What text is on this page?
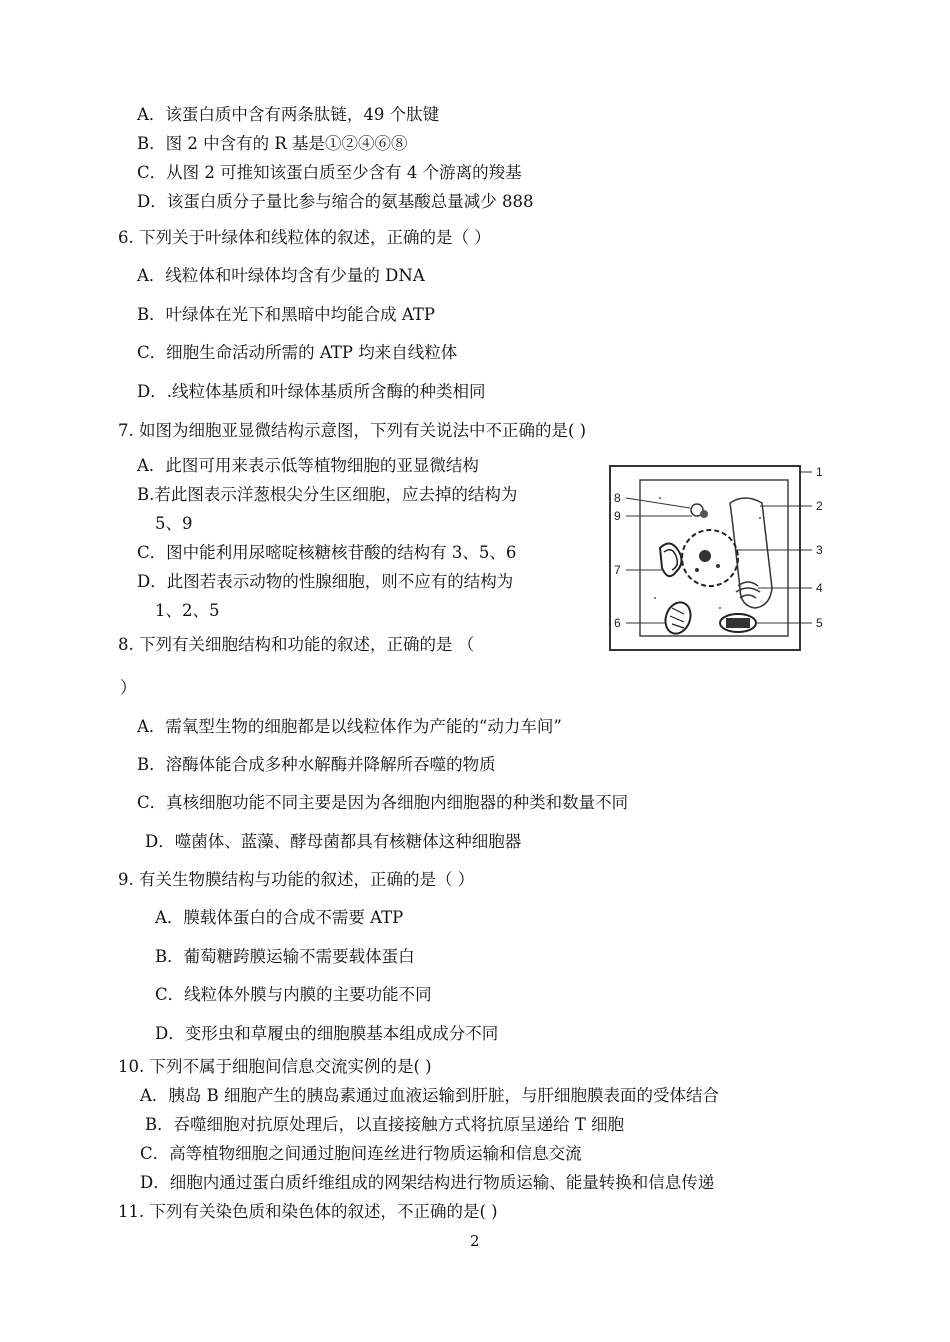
A．该蛋白质中含有两条肽链，49 个肽键
B．图 2 中含有的 R 基是①②④⑥⑧
C．从图 2 可推知该蛋白质至少含有 4 个游离的羧基
D．该蛋白质分子量比参与缩合的氨基酸总量减少 888
6. 下列关于叶绿体和线粒体的叙述，正确的是（ ）
A．线粒体和叶绿体均含有少量的 DNA
B．叶绿体在光下和黑暗中均能合成 ATP
C．细胞生命活动所需的 ATP 均来自线粒体
D．.线粒体基质和叶绿体基质所含酶的种类相同
7. 如图为细胞亚显微结构示意图，下列有关说法中不正确的是( )
A．此图可用来表示低等植物细胞的亚显微结构
B.若此图表示洋葱根尖分生区细胞，应去掉的结构为
5、9
C．图中能利用尿嘧啶核糖核苷酸的结构有 3、5、6
D．此图若表示动物的性腺细胞，则不应有的结构为
1、2、5
1
2
3
4
5
6
7
8
9
8. 下列有关细胞结构和功能的叙述，正确的是 （
）
A．需氧型生物的细胞都是以线粒体作为产能的“动力车间”
B．溶酶体能合成多种水解酶并降解所吞噬的物质
C．真核细胞功能不同主要是因为各细胞内细胞器的种类和数量不同
D．噬菌体、蓝藻、酵母菌都具有核糖体这种细胞器
9. 有关生物膜结构与功能的叙述，正确的是（ ）
A．膜载体蛋白的合成不需要 ATP
B．葡萄糖跨膜运输不需要载体蛋白
C．线粒体外膜与内膜的主要功能不同
D．变形虫和草履虫的细胞膜基本组成成分不同
10. 下列不属于细胞间信息交流实例的是( )
A．胰岛 B 细胞产生的胰岛素通过血液运输到肝脏，与肝细胞膜表面的受体结合
B．吞噬细胞对抗原处理后，以直接接触方式将抗原呈递给 T 细胞
C．高等植物细胞之间通过胞间连丝进行物质运输和信息交流
D．细胞内通过蛋白质纤维组成的网架结构进行物质运输、能量转换和信息传递
11. 下列有关染色质和染色体的叙述，不正确的是( )
2
